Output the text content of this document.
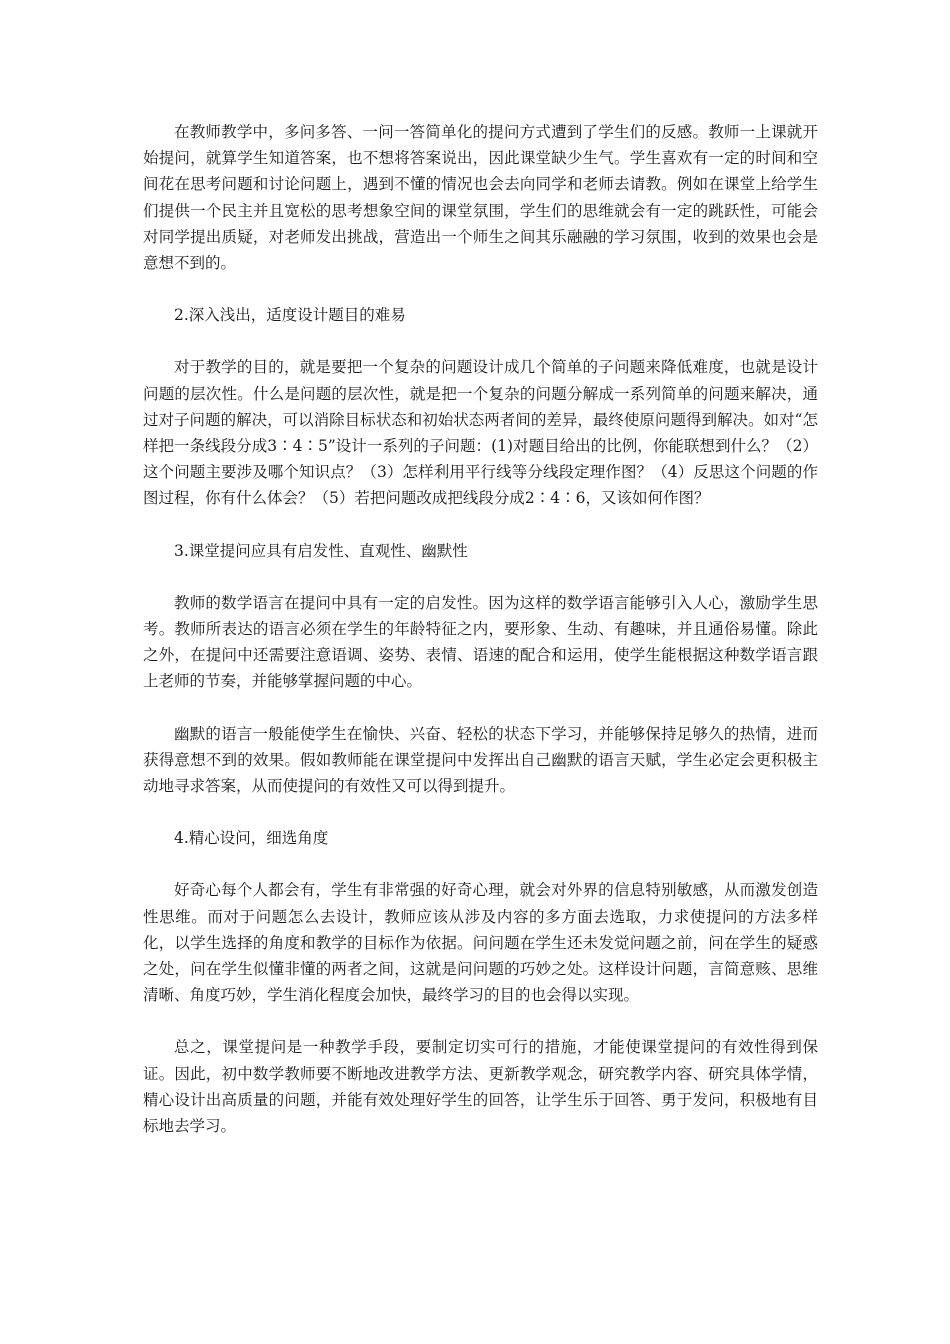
在教师教学中，多问多答、一问一答简单化的提问方式遭到了学生们的反感。教师一上课就开始提问，就算学生知道答案，也不想将答案说出，因此课堂缺少生气。学生喜欢有一定的时间和空间花在思考问题和讨论问题上，遇到不懂的情况也会去向同学和老师去请教。例如在课堂上给学生们提供一个民主并且宽松的思考想象空间的课堂氛围，学生们的思维就会有一定的跳跃性，可能会对同学提出质疑，对老师发出挑战，营造出一个师生之间其乐融融的学习氛围，收到的效果也会是意想不到的。

2.深入浅出，适度设计题目的难易

对于教学的目的，就是要把一个复杂的问题设计成几个简单的子问题来降低难度，也就是设计问题的层次性。什么是问题的层次性，就是把一个复杂的问题分解成一系列简单的问题来解决，通过对子问题的解决，可以消除目标状态和初始状态两者间的差异，最终使原问题得到解决。如对“怎样把一条线段分成3∶4∶5”设计一系列的子问题：(1)对题目给出的比例，你能联想到什么？（2）这个问题主要涉及哪个知识点？（3）怎样利用平行线等分线段定理作图？（4）反思这个问题的作图过程，你有什么体会？（5）若把问题改成把线段分成2∶4∶6，又该如何作图？

3.课堂提问应具有启发性、直观性、幽默性

教师的数学语言在提问中具有一定的启发性。因为这样的数学语言能够引入人心，激励学生思考。教师所表达的语言必须在学生的年龄特征之内，要形象、生动、有趣味，并且通俗易懂。除此之外，在提问中还需要注意语调、姿势、表情、语速的配合和运用，使学生能根据这种数学语言跟上老师的节奏，并能够掌握问题的中心。

幽默的语言一般能使学生在愉快、兴奋、轻松的状态下学习，并能够保持足够久的热情，进而获得意想不到的效果。假如教师能在课堂提问中发挥出自己幽默的语言天赋，学生必定会更积极主动地寻求答案，从而使提问的有效性又可以得到提升。

4.精心设问，细选角度

好奇心每个人都会有，学生有非常强的好奇心理，就会对外界的信息特别敏感，从而激发创造性思维。而对于问题怎么去设计，教师应该从涉及内容的多方面去选取，力求使提问的方法多样化，以学生选择的角度和教学的目标作为依据。问问题在学生还未发觉问题之前，问在学生的疑惑之处，问在学生似懂非懂的两者之间，这就是问问题的巧妙之处。这样设计问题，言简意赅、思维清晰、角度巧妙，学生消化程度会加快，最终学习的目的也会得以实现。

总之，课堂提问是一种教学手段，要制定切实可行的措施，才能使课堂提问的有效性得到保证。因此，初中数学教师要不断地改进教学方法、更新教学观念，研究教学内容、研究具体学情，精心设计出高质量的问题，并能有效处理好学生的回答，让学生乐于回答、勇于发问，积极地有目标地去学习。
